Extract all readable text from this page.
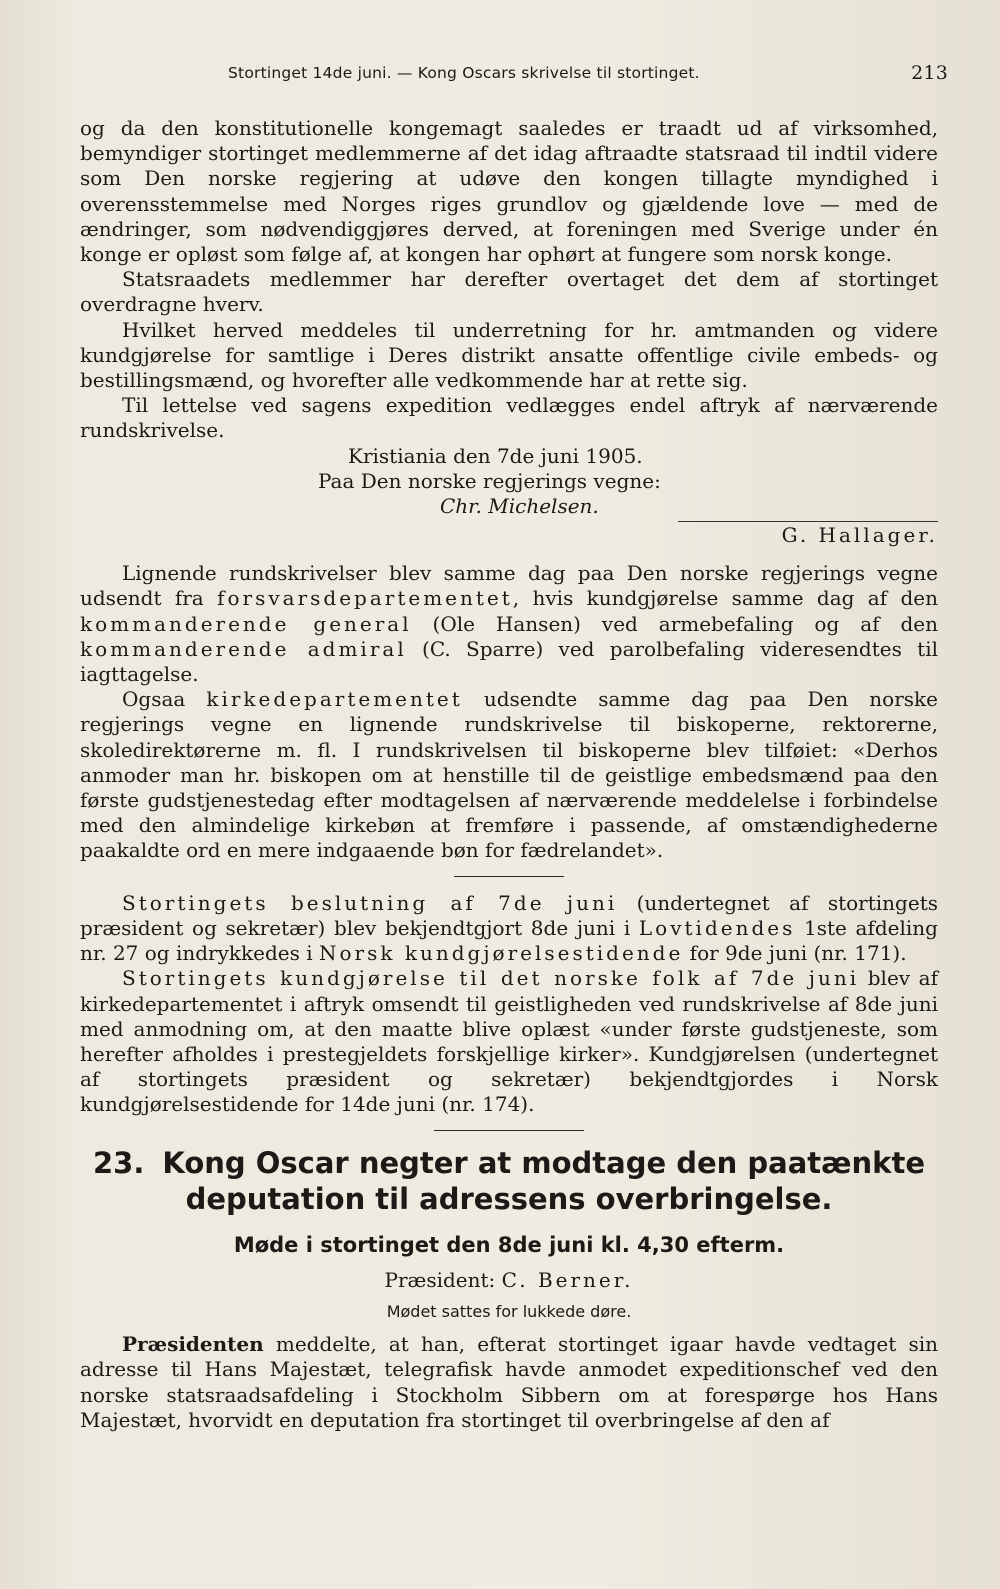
Stortinget 14de juni. — Kong Oscars skrivelse til stortinget.	213

og da den konstitutionelle kongemagt saaledes er traadt ud af virksomhed, bemyndiger stortinget medlemmerne af det idag aftraadte statsraad til indtil videre som Den norske regjering at udøve den kongen tillagte myndighed i overensstemmelse med Norges riges grundlov og gjældende love — med de ændringer, som nødvendiggjøres derved, at foreningen med Sverige under én konge er opløst som følge af, at kongen har ophørt at fungere som norsk konge.

Statsraadets medlemmer har derefter overtaget det dem af stortinget overdragne hverv.

Hvilket herved meddeles til underretning for hr. amtmanden og videre kundgjørelse for samtlige i Deres distrikt ansatte offentlige civile embeds- og bestillingsmænd, og hvorefter alle vedkommende har at rette sig.

Til lettelse ved sagens expedition vedlægges endel aftryk af nærværende rundskrivelse.

Kristiania den 7de juni 1905.

Paa Den norske regjerings vegne:

Chr. Michelsen.

G. Hallager.

Lignende rundskrivelser blev samme dag paa Den norske regjerings vegne udsendt fra forsvarsdepartementet, hvis kundgjørelse samme dag af den kommanderende general (Ole Hansen) ved armebefaling og af den kommanderende admiral (C. Sparre) ved parolbefaling videresendtes til iagttagelse.

Ogsaa kirkedepartementet udsendte samme dag paa Den norske regjerings vegne en lignende rundskrivelse til biskoperne, rektorerne, skoledirektørerne m. fl. I rundskrivelsen til biskoperne blev tilføiet: «Derhos anmoder man hr. biskopen om at henstille til de geistlige embedsmænd paa den første gudstjenestedag efter modtagelsen af nærværende meddelelse i forbindelse med den almindelige kirkebøn at fremføre i passende, af omstændighederne paakaldte ord en mere indgaaende bøn for fædrelandet».

Stortingets beslutning af 7de juni (undertegnet af stortingets præsident og sekretær) blev bekjendtgjort 8de juni i Lovtidendes 1ste afdeling nr. 27 og indrykkedes i Norsk kundgjørelsestidende for 9de juni (nr. 171).

Stortingets kundgjørelse til det norske folk af 7de juni blev af kirkedepartementet i aftryk omsendt til geistligheden ved rundskrivelse af 8de juni med anmodning om, at den maatte blive oplæst «under første gudstjeneste, som herefter afholdes i prestegjeldets forskjellige kirker». Kundgjørelsen (undertegnet af stortingets præsident og sekretær) bekjendtgjordes i Norsk kundgjørelsestidende for 14de juni (nr. 174).

23. Kong Oscar negter at modtage den paatænkte
deputation til adressens overbringelse.

Møde i stortinget den 8de juni kl. 4,30 efterm.

Præsident: C. Berner.

Mødet sattes for lukkede døre.

Præsidenten meddelte, at han, efterat stortinget igaar havde vedtaget sin adresse til Hans Majestæt, telegrafisk havde anmodet expeditionschef ved den norske statsraadsafdeling i Stockholm Sibbern om at forespørge hos Hans Majestæt, hvorvidt en deputation fra stortinget til overbringelse af den af
